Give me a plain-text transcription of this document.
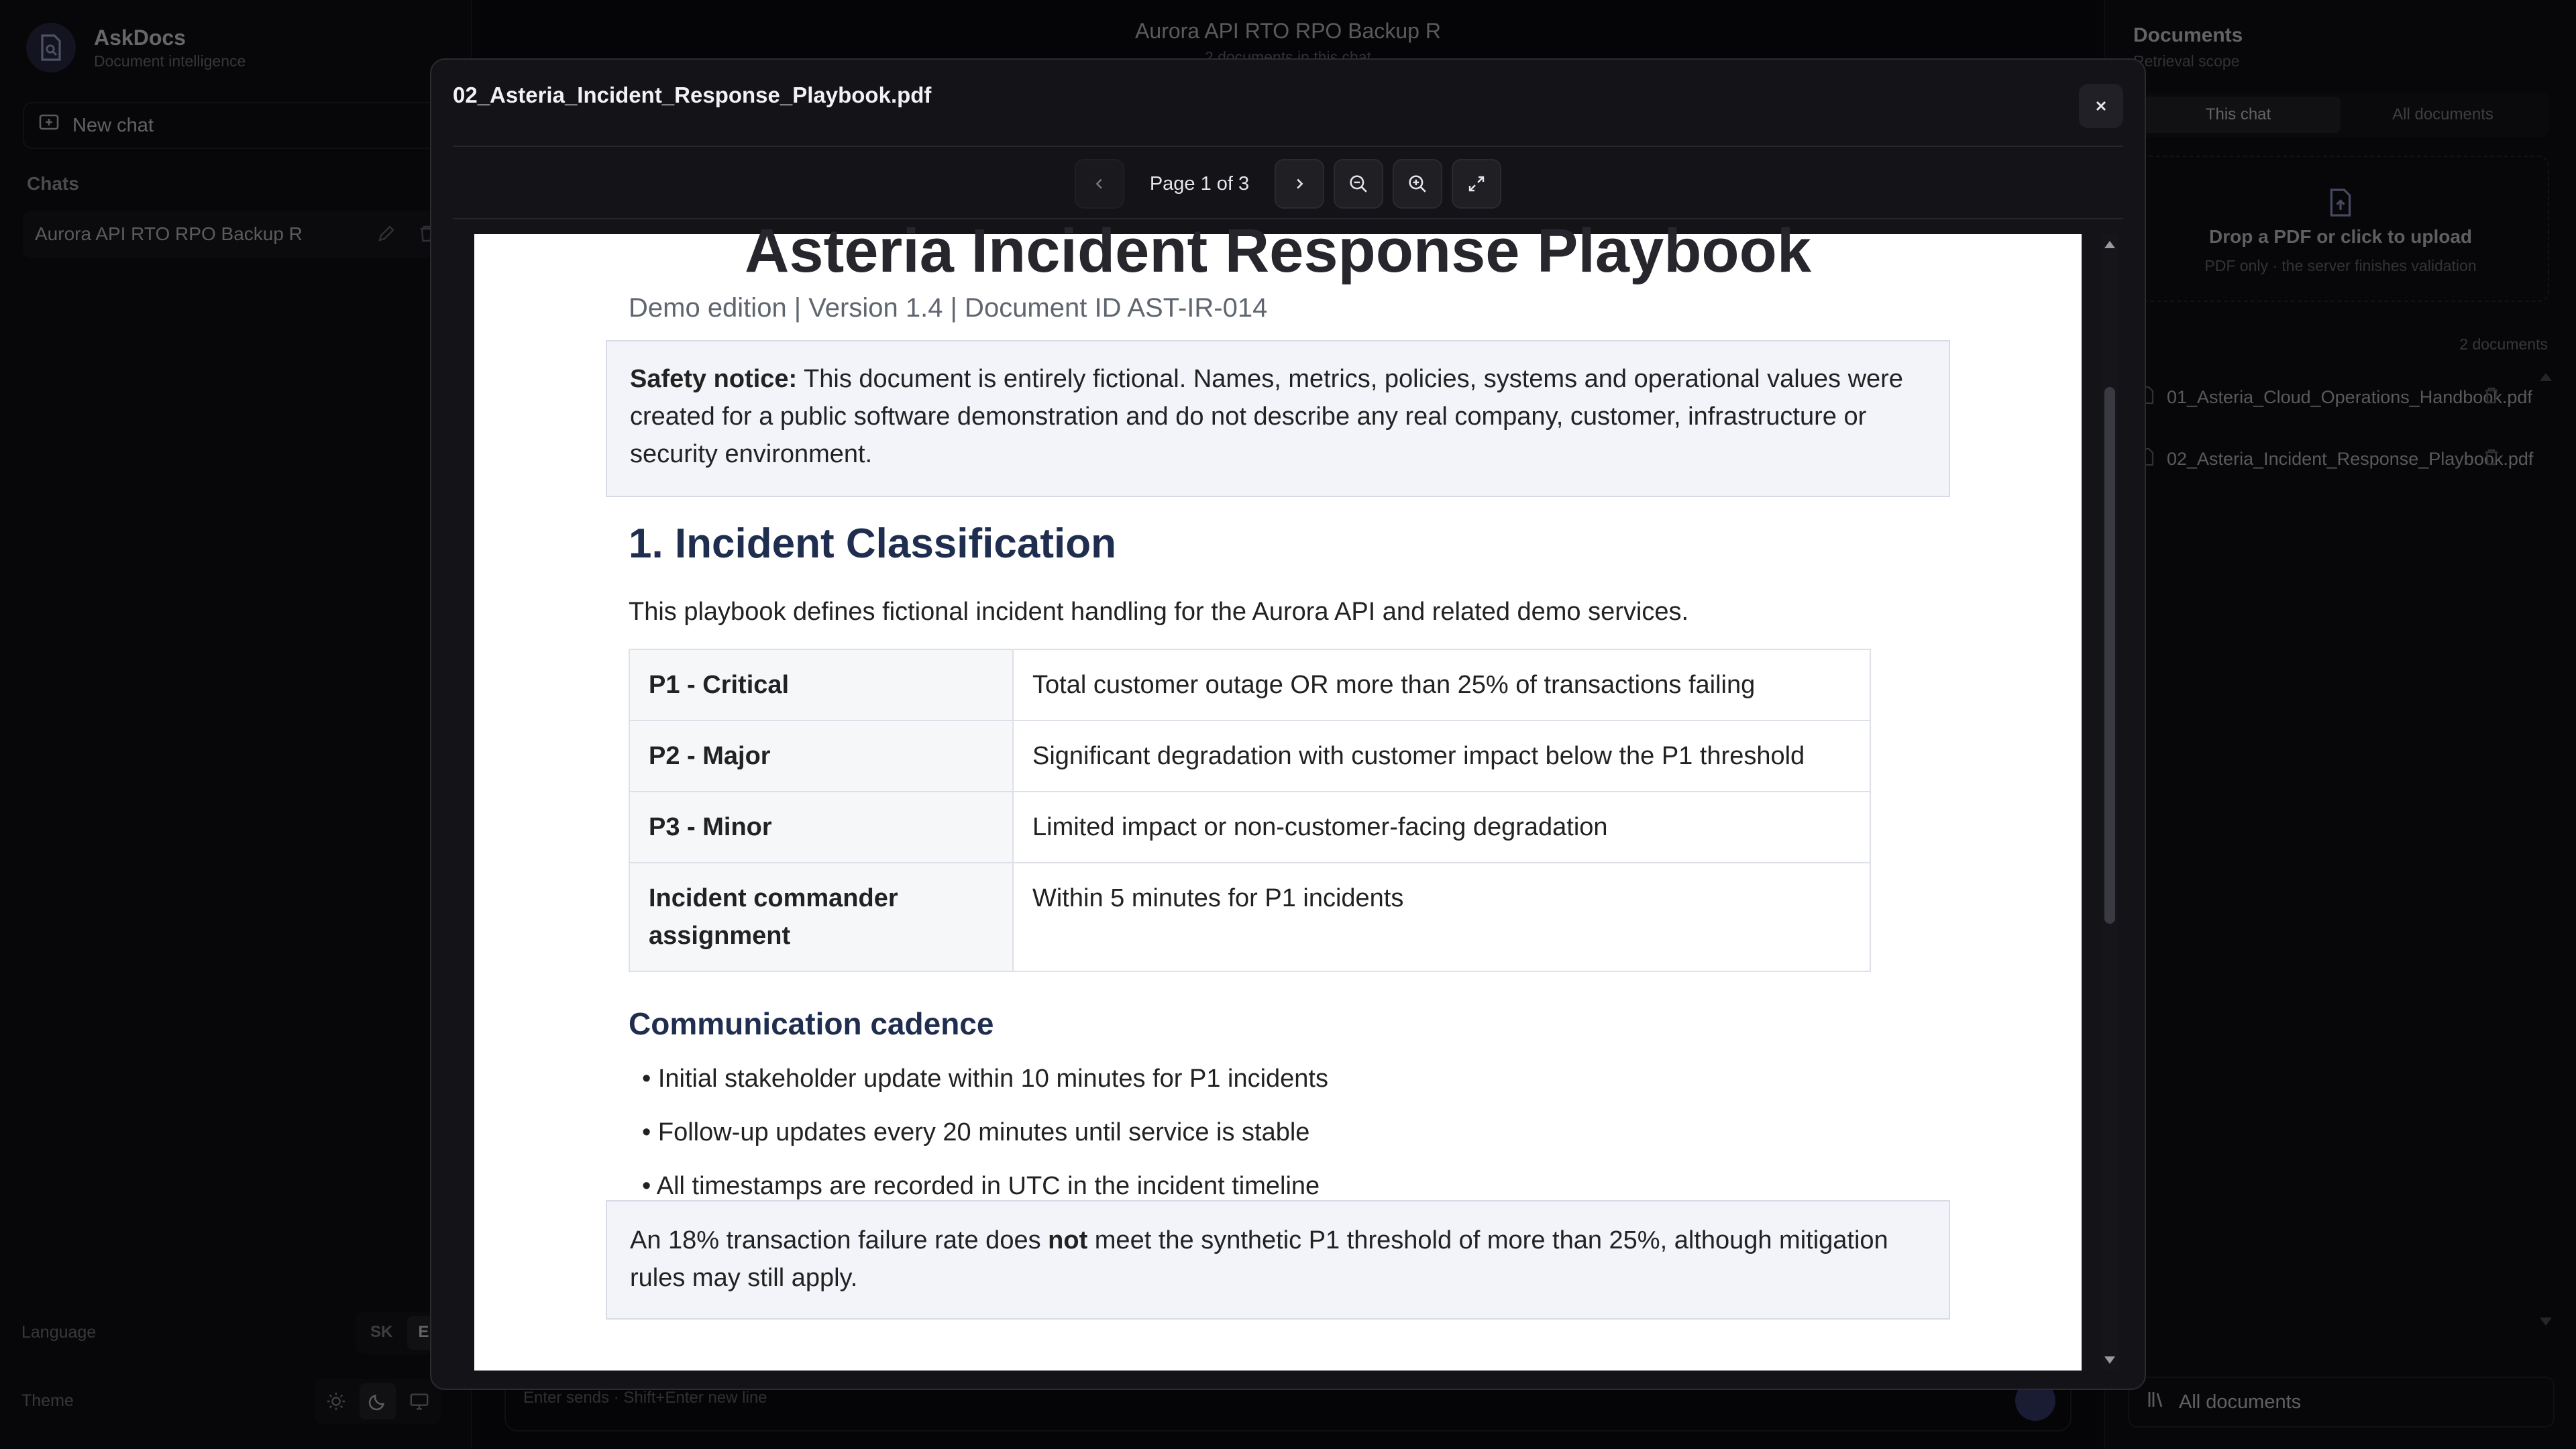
02_Asteria_Incident_Response_Playbook.pdf
Page 1 of 3
Asteria Incident Response Playbook
Demo edition | Version 1.4 | Document ID AST-IR-014
Safety notice: This document is entirely fictional. Names, metrics, policies, systems and operational values were created for a public software demonstration and do not describe any real company, customer, infrastructure or security environment.
1. Incident Classification
This playbook defines fictional incident handling for the Aurora API and related demo services.
P1 - Critical	Total customer outage OR more than 25% of transactions failing
P2 - Major	Significant degradation with customer impact below the P1 threshold
P3 - Minor	Limited impact or non-customer-facing degradation
Incident commander assignment	Within 5 minutes for P1 incidents
Communication cadence
• Initial stakeholder update within 10 minutes for P1 incidents
• Follow-up updates every 20 minutes until service is stable
• All timestamps are recorded in UTC in the incident timeline
An 18% transaction failure rate does not meet the synthetic P1 threshold of more than 25%, although mitigation rules may still apply.
